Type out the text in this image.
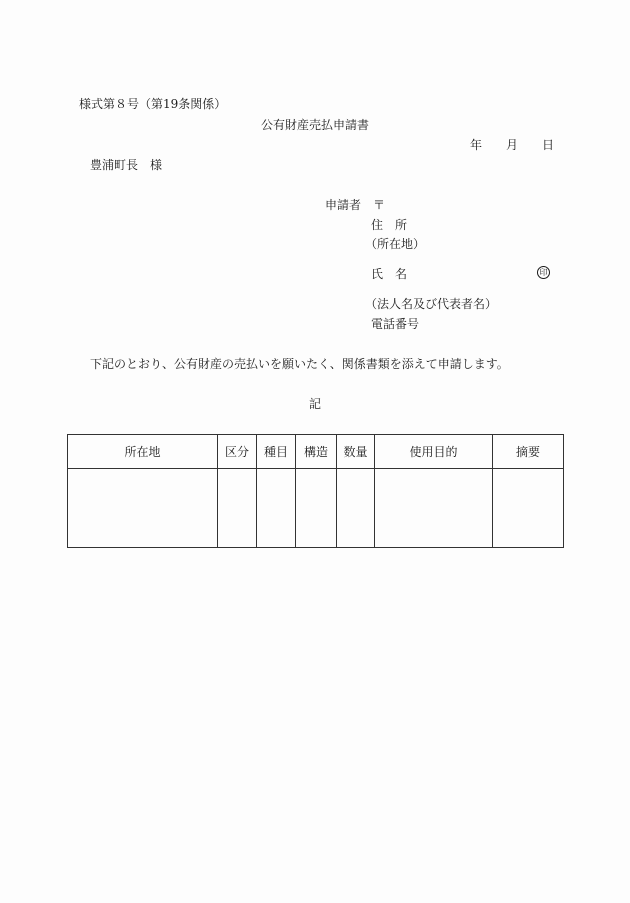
様式第８号（第19条関係）
公有財産売払申請書
年 月 日
豊浦町長　様
申請者　〒
住　所
（所在地）
氏　名	印
（法人名及び代表者名）
電話番号
下記のとおり、公有財産の売払いを願いたく、関係書類を添えて申請します。
記
所在地	区分	種目	構造	数量	使用目的	摘要
